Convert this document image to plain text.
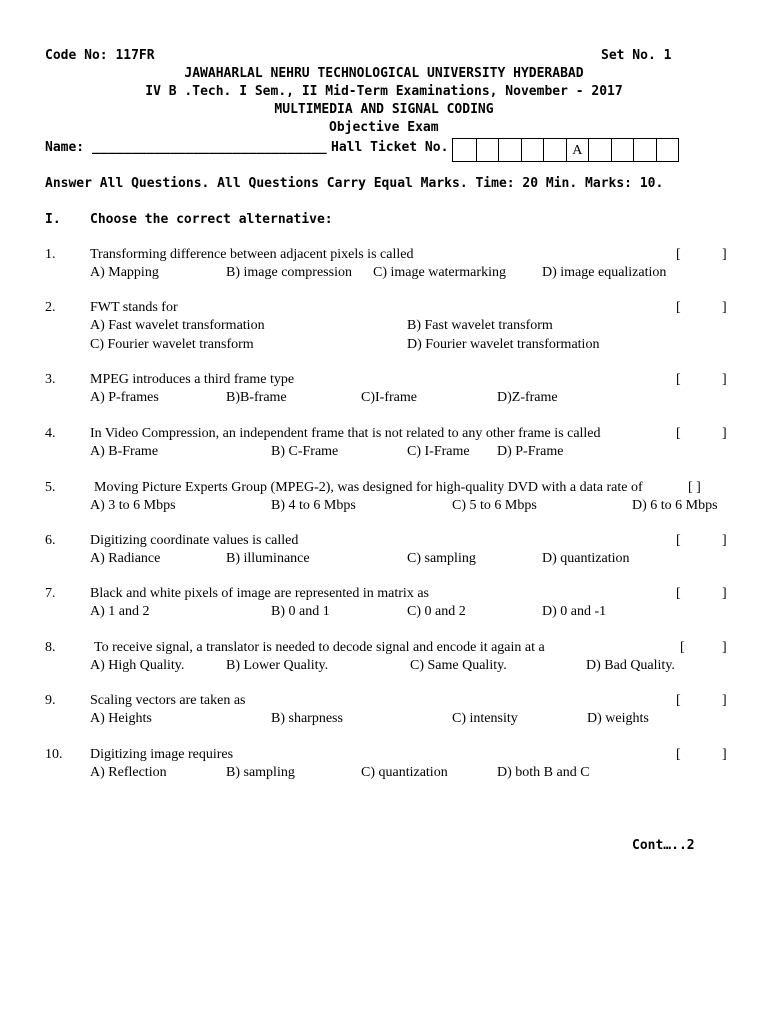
Code No: 117FR	Set No. 1
JAWAHARLAL NEHRU TECHNOLOGICAL UNIVERSITY HYDERABAD
IV B .Tech. I Sem., II Mid-Term Examinations, November - 2017
MULTIMEDIA AND SIGNAL CODING
Objective Exam
Name: ______________________________ Hall Ticket No.	A
Answer All Questions. All Questions Carry Equal Marks. Time: 20 Min. Marks: 10.
I. Choose the correct alternative:
1. Transforming difference between adjacent pixels is called	[	]
A) Mapping	B) image compression C) image watermarking	D) image equalization
2. FWT stands for	[	]
A) Fast wavelet transformation	B) Fast wavelet transform
C) Fourier wavelet transform	D) Fourier wavelet transformation
3. MPEG introduces a third frame type	[	]
A) P-frames	B)B-frame	C)I-frame	D)Z-frame
4. In Video Compression, an independent frame that is not related to any other frame is called	[	]
A) B-Frame	B) C-Frame	C) I-Frame D) P-Frame
5.	Moving Picture Experts Group (MPEG-2), was designed for high-quality DVD with a data rate of	[ ]
A) 3 to 6 Mbps	B) 4 to 6 Mbps	C) 5 to 6 Mbps	D) 6 to 6 Mbps
6. Digitizing coordinate values is called	[	]
A) Radiance	B) illuminance	C) sampling	D) quantization
7. Black and white pixels of image are represented in matrix as	[	]
A) 1 and 2	B) 0 and 1	C) 0 and 2	D) 0 and -1
8.	To receive signal, a translator is needed to decode signal and encode it again at a	[	]
A) High Quality.	B) Lower Quality.	C) Same Quality.	D) Bad Quality.
9. Scaling vectors are taken as	[	]
A) Heights	B) sharpness	C) intensity	D) weights
10. Digitizing image requires	[	]
A) Reflection	B) sampling	C) quantization	D) both B and C
Cont…..2
